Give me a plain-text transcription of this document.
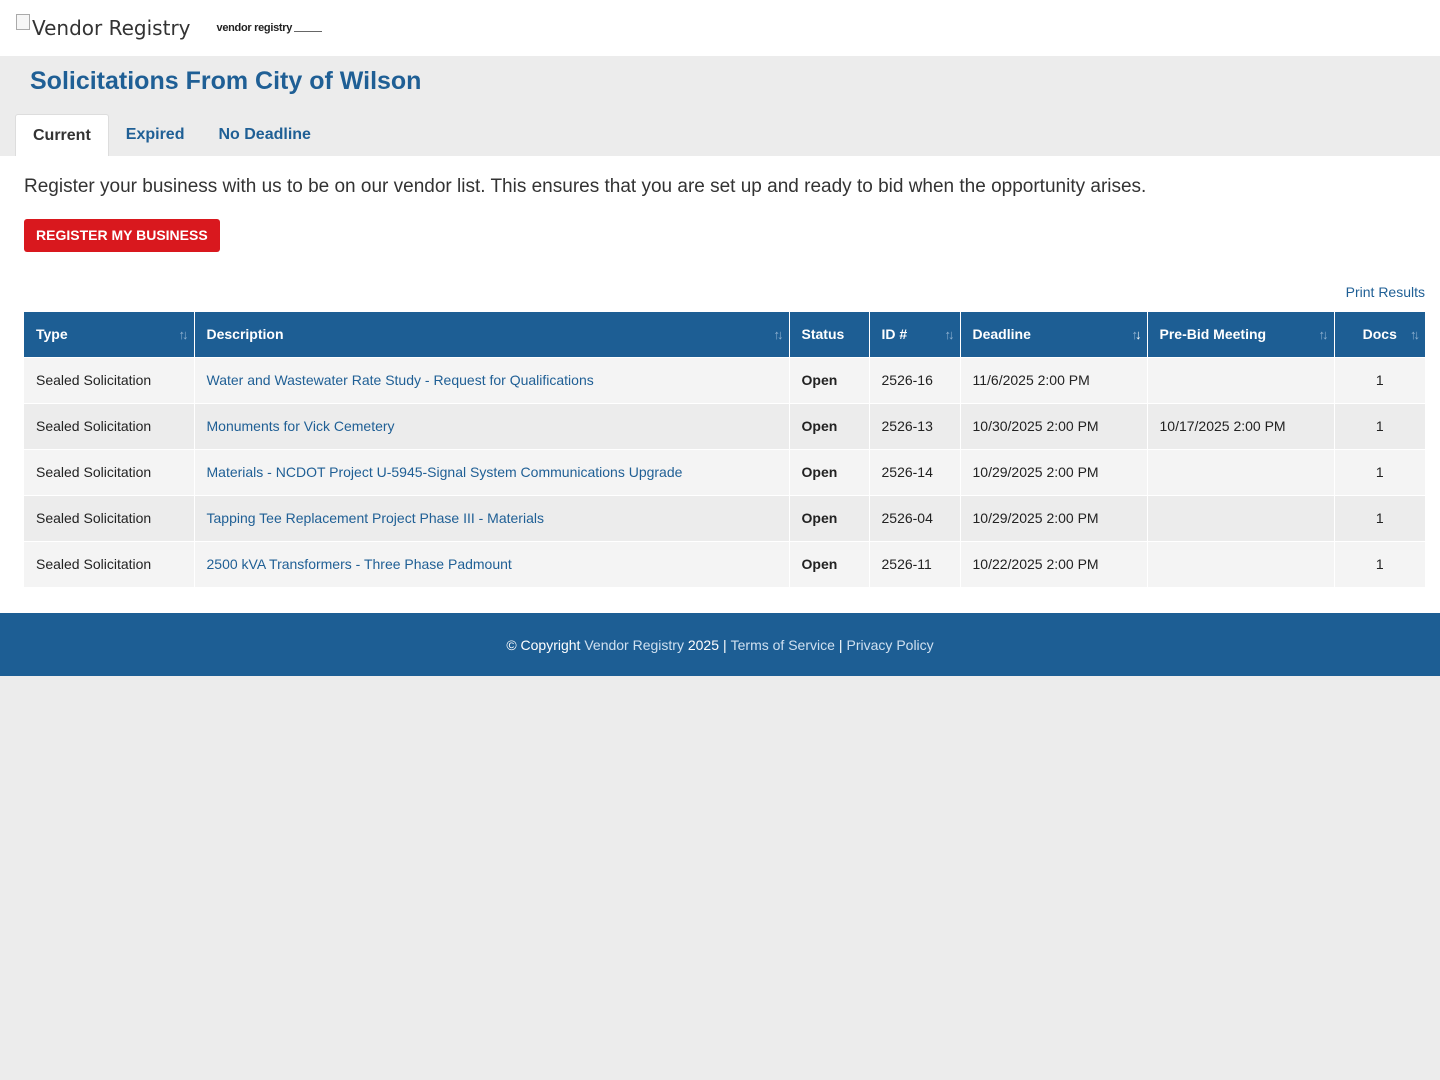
Vendor Registry vendor registry
Solicitations From City of Wilson
Current	Expired	No Deadline

Register your business with us to be on our vendor list. This ensures that you are set up and ready to bid when the opportunity arises.

REGISTER MY BUSINESS
Print Results
Type ↑↓	Description ↑↓	Status	ID # ↑↓	Deadline ↑↓	Pre-Bid Meeting ↑↓	Docs ↑↓

Sealed Solicitation	Water and Wastewater Rate Study - Request for Qualifications	Open	2526-16	11/6/2025 2:00 PM		1
Sealed Solicitation	Monuments for Vick Cemetery	Open	2526-13	10/30/2025 2:00 PM	10/17/2025 2:00 PM	1
Sealed Solicitation	Materials - NCDOT Project U-5945-Signal System Communications Upgrade	Open	2526-14	10/29/2025 2:00 PM		1
Sealed Solicitation	Tapping Tee Replacement Project Phase III - Materials	Open	2526-04	10/29/2025 2:00 PM		1
Sealed Solicitation	2500 kVA Transformers - Three Phase Padmount	Open	2526-11	10/22/2025 2:00 PM		1
© Copyright
Vendor Registry
2025 | Terms of Service | Privacy Policy
